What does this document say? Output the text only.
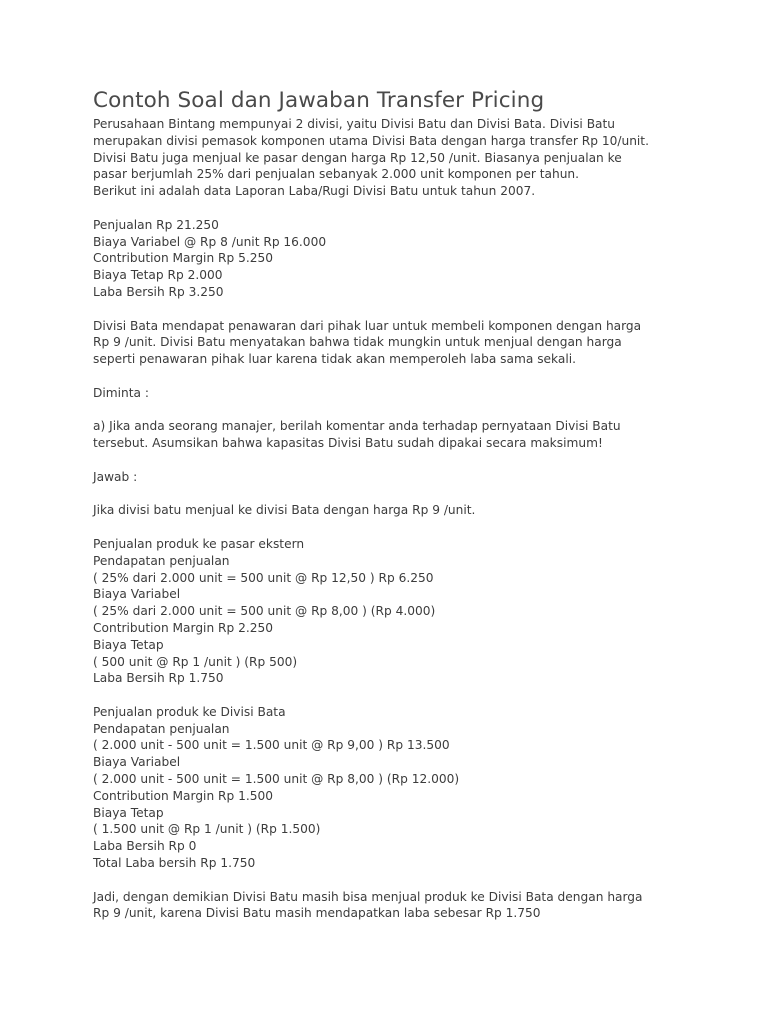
Contoh Soal dan Jawaban Transfer Pricing

Perusahaan Bintang mempunyai 2 divisi, yaitu Divisi Batu dan Divisi Bata. Divisi Batu

merupakan divisi pemasok komponen utama Divisi Bata dengan harga transfer Rp 10/unit.

Divisi Batu juga menjual ke pasar dengan harga Rp 12,50 /unit. Biasanya penjualan ke

pasar berjumlah 25% dari penjualan sebanyak 2.000 unit komponen per tahun.

Berikut ini adalah data Laporan Laba/Rugi Divisi Batu untuk tahun 2007.

Penjualan Rp 21.250

Biaya Variabel @ Rp 8 /unit Rp 16.000

Contribution Margin Rp 5.250

Biaya Tetap Rp 2.000

Laba Bersih Rp 3.250

Divisi Bata mendapat penawaran dari pihak luar untuk membeli komponen dengan harga

Rp 9 /unit. Divisi Batu menyatakan bahwa tidak mungkin untuk menjual dengan harga

seperti penawaran pihak luar karena tidak akan memperoleh laba sama sekali.

Diminta :

a) Jika anda seorang manajer, berilah komentar anda terhadap pernyataan Divisi Batu

tersebut. Asumsikan bahwa kapasitas Divisi Batu sudah dipakai secara maksimum!

Jawab :

Jika divisi batu menjual ke divisi Bata dengan harga Rp 9 /unit.

Penjualan produk ke pasar ekstern

Pendapatan penjualan

( 25% dari 2.000 unit = 500 unit @ Rp 12,50 ) Rp 6.250

Biaya Variabel

( 25% dari 2.000 unit = 500 unit @ Rp 8,00 ) (Rp 4.000)

Contribution Margin Rp 2.250

Biaya Tetap

( 500 unit @ Rp 1 /unit ) (Rp 500)

Laba Bersih Rp 1.750

Penjualan produk ke Divisi Bata

Pendapatan penjualan

( 2.000 unit - 500 unit = 1.500 unit @ Rp 9,00 ) Rp 13.500

Biaya Variabel

( 2.000 unit - 500 unit = 1.500 unit @ Rp 8,00 ) (Rp 12.000)

Contribution Margin Rp 1.500

Biaya Tetap

( 1.500 unit @ Rp 1 /unit ) (Rp 1.500)

Laba Bersih Rp 0

Total Laba bersih Rp 1.750

Jadi, dengan demikian Divisi Batu masih bisa menjual produk ke Divisi Bata dengan harga

Rp 9 /unit, karena Divisi Batu masih mendapatkan laba sebesar Rp 1.750
